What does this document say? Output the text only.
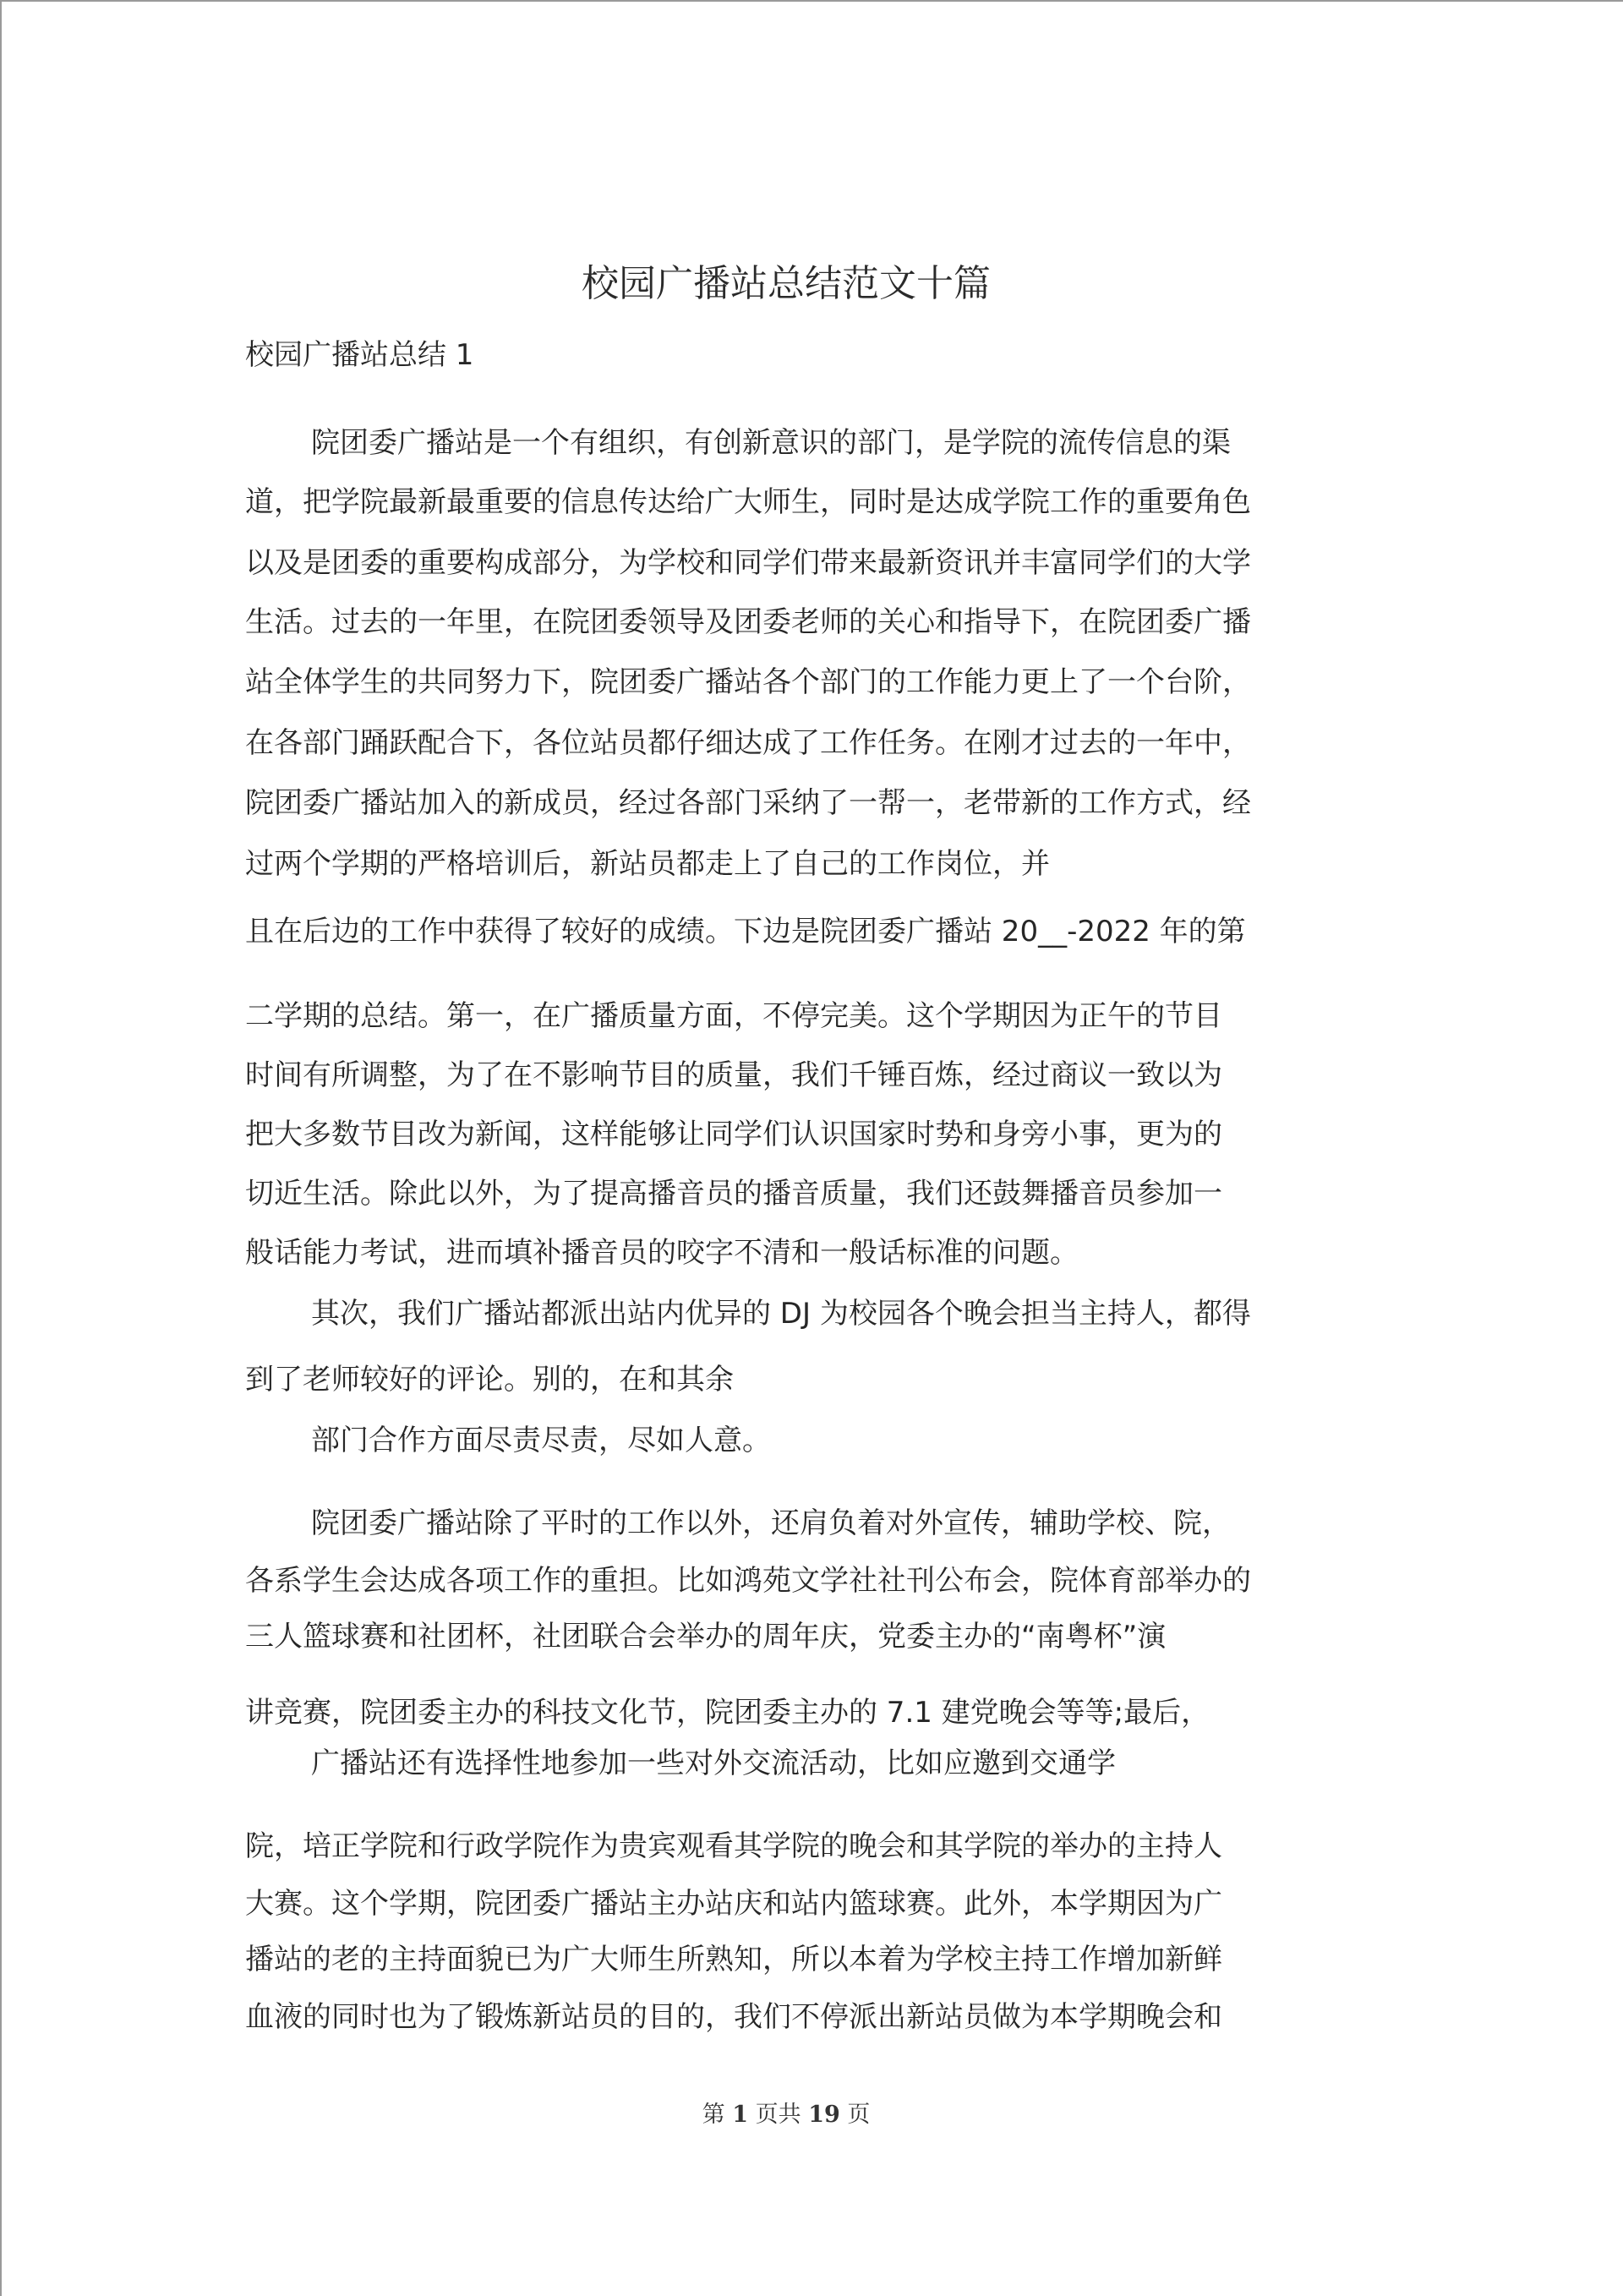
校园广播站总结范文十篇
校园广播站总结 1
院团委广播站是一个有组织，有创新意识的部门，是学院的流传信息的渠
道，把学院最新最重要的信息传达给广大师生，同时是达成学院工作的重要角色
以及是团委的重要构成部分，为学校和同学们带来最新资讯并丰富同学们的大学
生活。过去的一年里，在院团委领导及团委老师的关心和指导下，在院团委广播
站全体学生的共同努力下，院团委广播站各个部门的工作能力更上了一个台阶，
在各部门踊跃配合下，各位站员都仔细达成了工作任务。在刚才过去的一年中，
院团委广播站加入的新成员，经过各部门采纳了一帮一，老带新的工作方式，经
过两个学期的严格培训后，新站员都走上了自己的工作岗位，并
且在后边的工作中获得了较好的成绩。下边是院团委广播站 20__-2022 年的第
二学期的总结。第一，在广播质量方面，不停完美。这个学期因为正午的节目
时间有所调整，为了在不影响节目的质量，我们千锤百炼，经过商议一致以为
把大多数节目改为新闻，这样能够让同学们认识国家时势和身旁小事，更为的
切近生活。除此以外，为了提高播音员的播音质量，我们还鼓舞播音员参加一
般话能力考试，进而填补播音员的咬字不清和一般话标准的问题。
其次，我们广播站都派出站内优异的 DJ 为校园各个晚会担当主持人，都得
到了老师较好的评论。别的，在和其余
部门合作方面尽责尽责，尽如人意。
院团委广播站除了平时的工作以外，还肩负着对外宣传，辅助学校、院，
各系学生会达成各项工作的重担。比如鸿苑文学社社刊公布会，院体育部举办的
三人篮球赛和社团杯，社团联合会举办的周年庆，党委主办的“南粤杯”演
讲竞赛，院团委主办的科技文化节，院团委主办的 7.1 建党晚会等等;最后，
广播站还有选择性地参加一些对外交流活动，比如应邀到交通学
院，培正学院和行政学院作为贵宾观看其学院的晚会和其学院的举办的主持人
大赛。这个学期，院团委广播站主办站庆和站内篮球赛。此外，本学期因为广
播站的老的主持面貌已为广大师生所熟知，所以本着为学校主持工作增加新鲜
血液的同时也为了锻炼新站员的目的，我们不停派出新站员做为本学期晚会和
第 1 页共 19 页
